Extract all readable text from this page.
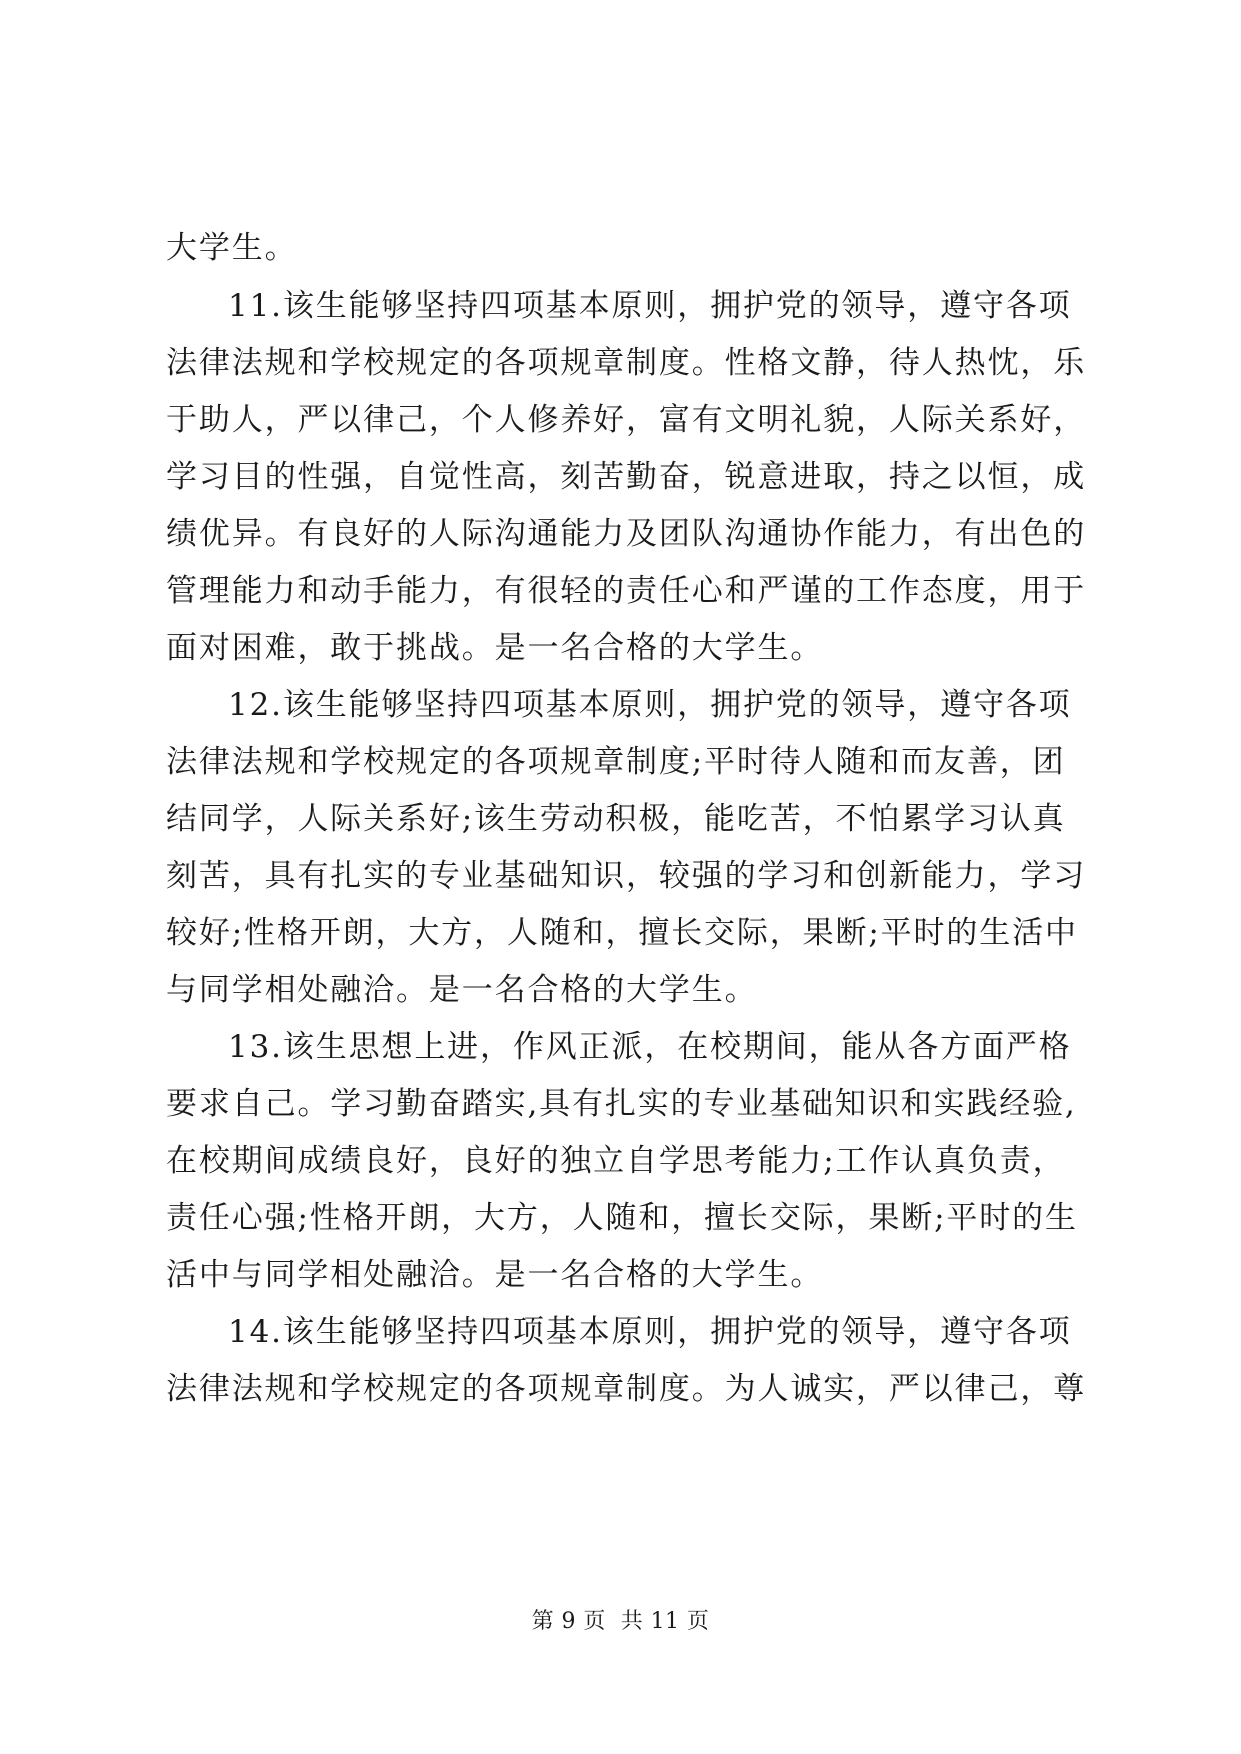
大学生。
11.该生能够坚持四项基本原则，拥护党的领导，遵守各项
法律法规和学校规定的各项规章制度。性格文静，待人热忱，乐
于助人，严以律己，个人修养好，富有文明礼貌，人际关系好，
学习目的性强，自觉性高，刻苦勤奋，锐意进取，持之以恒，成
绩优异。有良好的人际沟通能力及团队沟通协作能力，有出色的
管理能力和动手能力，有很轻的责任心和严谨的工作态度，用于
面对困难，敢于挑战。是一名合格的大学生。
12.该生能够坚持四项基本原则，拥护党的领导，遵守各项
法律法规和学校规定的各项规章制度;平时待人随和而友善，团
结同学，人际关系好;该生劳动积极，能吃苦，不怕累学习认真
刻苦，具有扎实的专业基础知识，较强的学习和创新能力，学习
较好;性格开朗，大方，人随和，擅长交际，果断;平时的生活中
与同学相处融洽。是一名合格的大学生。
13.该生思想上进，作风正派，在校期间，能从各方面严格
要求自己。学习勤奋踏实,具有扎实的专业基础知识和实践经验,
在校期间成绩良好，良好的独立自学思考能力;工作认真负责，
责任心强;性格开朗，大方，人随和，擅长交际，果断;平时的生
活中与同学相处融洽。是一名合格的大学生。
14.该生能够坚持四项基本原则，拥护党的领导，遵守各项
法律法规和学校规定的各项规章制度。为人诚实，严以律己，尊
第 9 页  共 11 页
